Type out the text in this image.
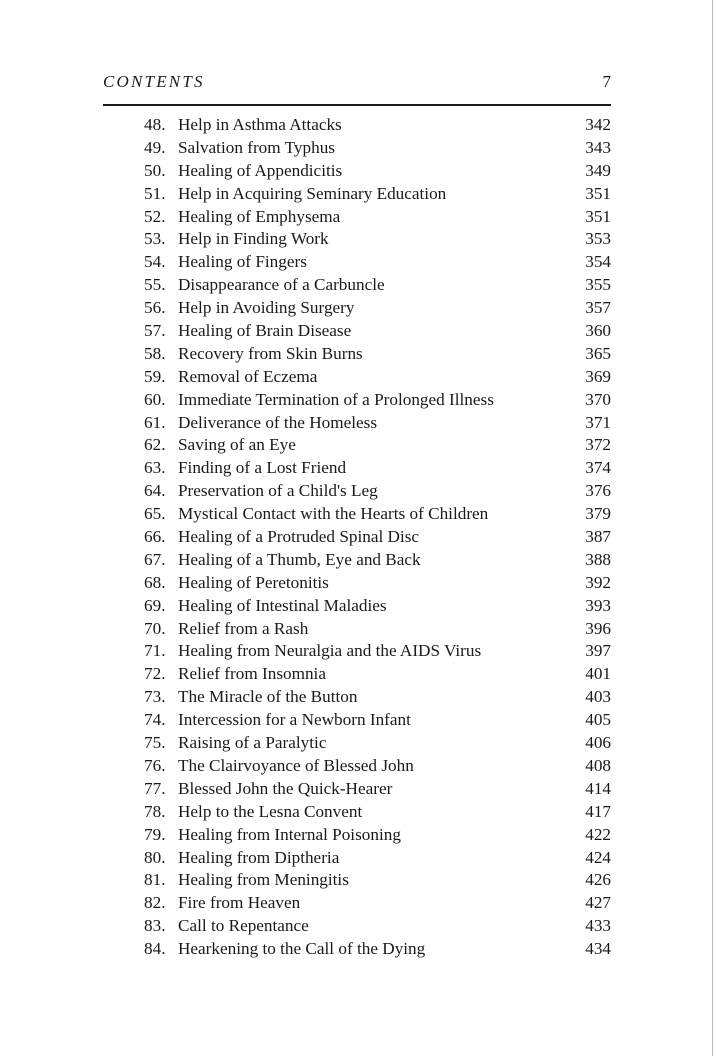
CONTENTS	7
48. Help in Asthma Attacks	342
49. Salvation from Typhus	343
50. Healing of Appendicitis	349
51. Help in Acquiring Seminary Education	351
52. Healing of Emphysema	351
53. Help in Finding Work	353
54. Healing of Fingers	354
55. Disappearance of a Carbuncle	355
56. Help in Avoiding Surgery	357
57. Healing of Brain Disease	360
58. Recovery from Skin Burns	365
59. Removal of Eczema	369
60. Immediate Termination of a Prolonged Illness	370
61. Deliverance of the Homeless	371
62. Saving of an Eye	372
63. Finding of a Lost Friend	374
64. Preservation of a Child's Leg	376
65. Mystical Contact with the Hearts of Children	379
66. Healing of a Protruded Spinal Disc	387
67. Healing of a Thumb, Eye and Back	388
68. Healing of Peretonitis	392
69. Healing of Intestinal Maladies	393
70. Relief from a Rash	396
71. Healing from Neuralgia and the AIDS Virus	397
72. Relief from Insomnia	401
73. The Miracle of the Button	403
74. Intercession for a Newborn Infant	405
75. Raising of a Paralytic	406
76. The Clairvoyance of Blessed John	408
77. Blessed John the Quick-Hearer	414
78. Help to the Lesna Convent	417
79. Healing from Internal Poisoning	422
80. Healing from Diptheria	424
81. Healing from Meningitis	426
82. Fire from Heaven	427
83. Call to Repentance	433
84. Hearkening to the Call of the Dying	434
